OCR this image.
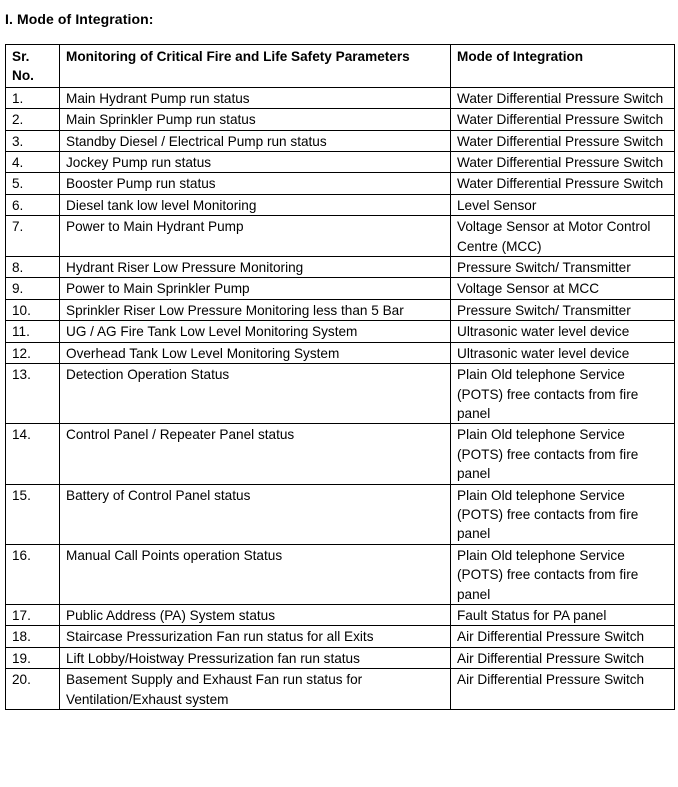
I. Mode of Integration:
Sr. No.	Monitoring of Critical Fire and Life Safety Parameters	Mode of Integration
1.	Main Hydrant Pump run status	Water Differential Pressure Switch
2.	Main Sprinkler Pump run status	Water Differential Pressure Switch
3.	Standby Diesel / Electrical Pump run status	Water Differential Pressure Switch
4.	Jockey Pump run status	Water Differential Pressure Switch
5.	Booster Pump run status	Water Differential Pressure Switch
6.	Diesel tank low level Monitoring	Level Sensor
7.	Power to Main Hydrant Pump	Voltage Sensor at Motor Control Centre (MCC)
8.	Hydrant Riser Low Pressure Monitoring	Pressure Switch/ Transmitter
9.	Power to Main Sprinkler Pump	Voltage Sensor at MCC
10.	Sprinkler Riser Low Pressure Monitoring less than 5 Bar	Pressure Switch/ Transmitter
11.	UG / AG Fire Tank Low Level Monitoring System	Ultrasonic water level device
12.	Overhead Tank Low Level Monitoring System	Ultrasonic water level device
13.	Detection Operation Status	Plain Old telephone Service (POTS) free contacts from fire panel
14.	Control Panel / Repeater Panel status	Plain Old telephone Service (POTS) free contacts from fire panel
15.	Battery of Control Panel status	Plain Old telephone Service (POTS) free contacts from fire panel
16.	Manual Call Points operation Status	Plain Old telephone Service (POTS) free contacts from fire panel
17.	Public Address (PA) System status	Fault Status for PA panel
18.	Staircase Pressurization Fan run status for all Exits	Air Differential Pressure Switch
19.	Lift Lobby/Hoistway Pressurization fan run status	Air Differential Pressure Switch
20.	Basement Supply and Exhaust Fan run status for Ventilation/Exhaust system	Air Differential Pressure Switch
